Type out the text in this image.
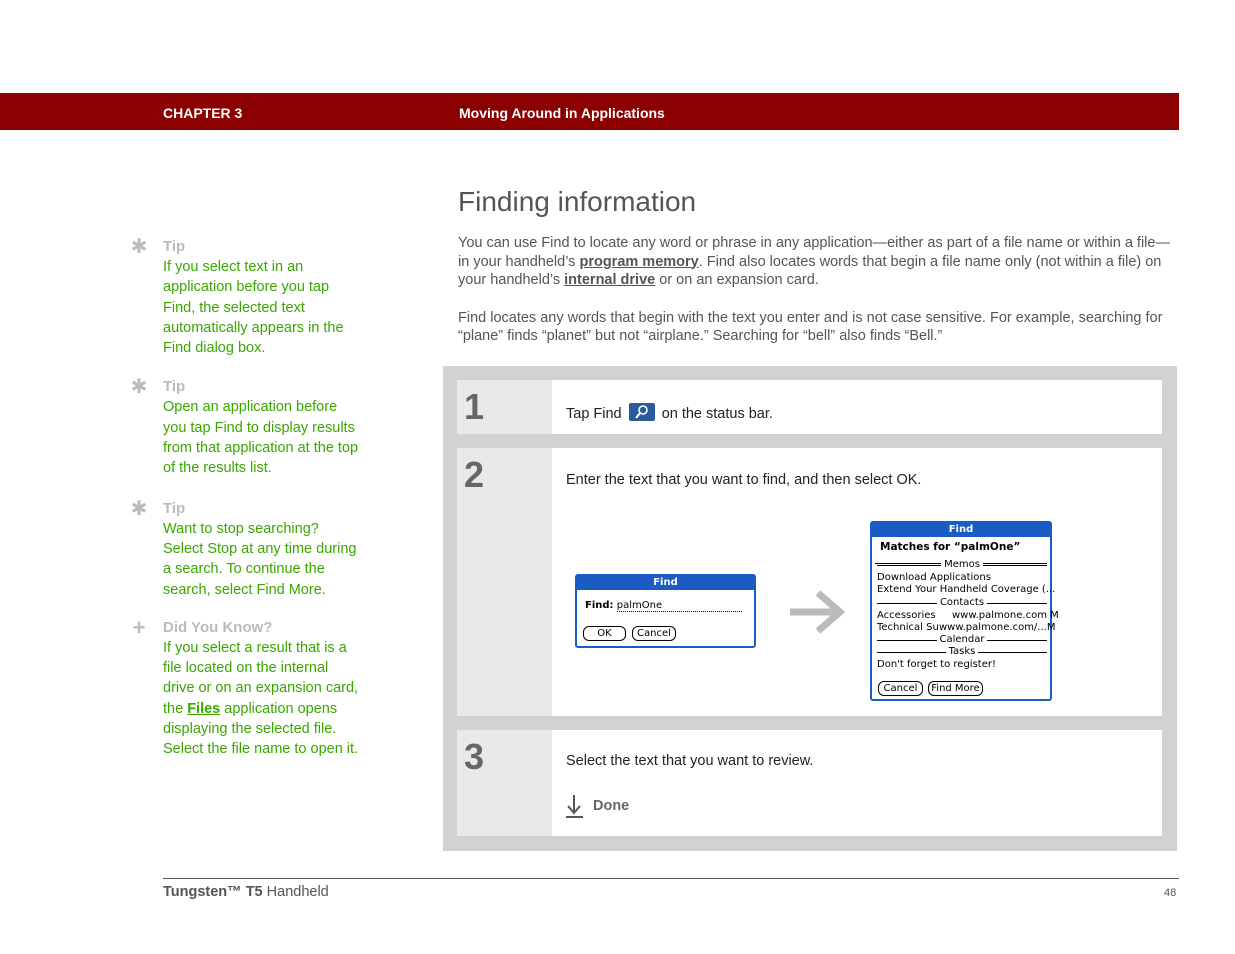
CHAPTER 3	Moving Around in Applications
Finding information

You can use Find to locate any word or phrase in any application—either as part of a file name or within a file—in your handheld’s program memory. Find also locates words that begin a file name only (not within a file) on your handheld’s internal drive or on an expansion card.

Find locates any words that begin with the text you enter and is not case sensitive. For example, searching for “plane” finds “planet” but not “airplane.” Searching for “bell” also finds “Bell.”

✱ Tip
If you select text in an application before you tap Find, the selected text automatically appears in the Find dialog box.
✱ Tip
Open an application before you tap Find to display results from that application at the top of the results list.
✱ Tip
Want to stop searching? Select Stop at any time during a search. To continue the search, select Find More.
+ Did You Know?
If you select a result that is a file located on the internal drive or on an expansion card, the Files application opens displaying the selected file. Select the file name to open it.
1	Tap Find	on the status bar.
2	Enter the text that you want to find, and then select OK.
Find
Find: palmOne
OK	Cancel
Find
Matches for “palmOne”
Memos
Download Applications
Extend Your Handheld Coverage (...
Contacts
Accessories www.palmone.com M
Technical Su www.palmone.com/...M
Calendar
Tasks
Don't forget to register!
Cancel	Find More
3	Select the text that you want to review.
Done
Tungsten™ T5 Handheld	48
